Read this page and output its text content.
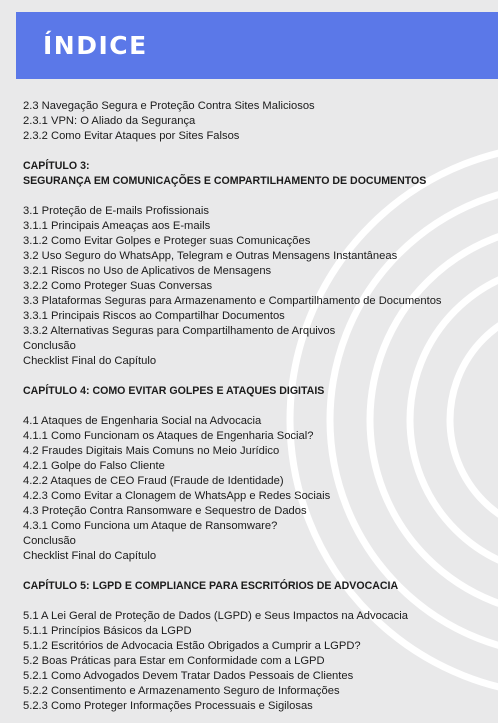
ÍNDICE
2.3 Navegação Segura e Proteção Contra Sites Maliciosos
2.3.1 VPN: O Aliado da Segurança
2.3.2 Como Evitar Ataques por Sites Falsos
CAPÍTULO 3:
SEGURANÇA EM COMUNICAÇÕES E COMPARTILHAMENTO DE DOCUMENTOS
3.1 Proteção de E-mails Profissionais
3.1.1 Principais Ameaças aos E-mails
3.1.2 Como Evitar Golpes e Proteger suas Comunicações
3.2 Uso Seguro do WhatsApp, Telegram e Outras Mensagens Instantâneas
3.2.1 Riscos no Uso de Aplicativos de Mensagens
3.2.2 Como Proteger Suas Conversas
3.3 Plataformas Seguras para Armazenamento e Compartilhamento de Documentos
3.3.1 Principais Riscos ao Compartilhar Documentos
3.3.2 Alternativas Seguras para Compartilhamento de Arquivos
Conclusão
Checklist Final do Capítulo
CAPÍTULO 4: COMO EVITAR GOLPES E ATAQUES DIGITAIS
4.1 Ataques de Engenharia Social na Advocacia
4.1.1 Como Funcionam os Ataques de Engenharia Social?
4.2 Fraudes Digitais Mais Comuns no Meio Jurídico
4.2.1 Golpe do Falso Cliente
4.2.2 Ataques de CEO Fraud (Fraude de Identidade)
4.2.3 Como Evitar a Clonagem de WhatsApp e Redes Sociais
4.3 Proteção Contra Ransomware e Sequestro de Dados
4.3.1 Como Funciona um Ataque de Ransomware?
Conclusão
Checklist Final do Capítulo
CAPÍTULO 5: LGPD E COMPLIANCE PARA ESCRITÓRIOS DE ADVOCACIA
5.1 A Lei Geral de Proteção de Dados (LGPD) e Seus Impactos na Advocacia
5.1.1 Princípios Básicos da LGPD
5.1.2 Escritórios de Advocacia Estão Obrigados a Cumprir a LGPD?
5.2 Boas Práticas para Estar em Conformidade com a LGPD
5.2.1 Como Advogados Devem Tratar Dados Pessoais de Clientes
5.2.2 Consentimento e Armazenamento Seguro de Informações
5.2.3 Como Proteger Informações Processuais e Sigilosas
